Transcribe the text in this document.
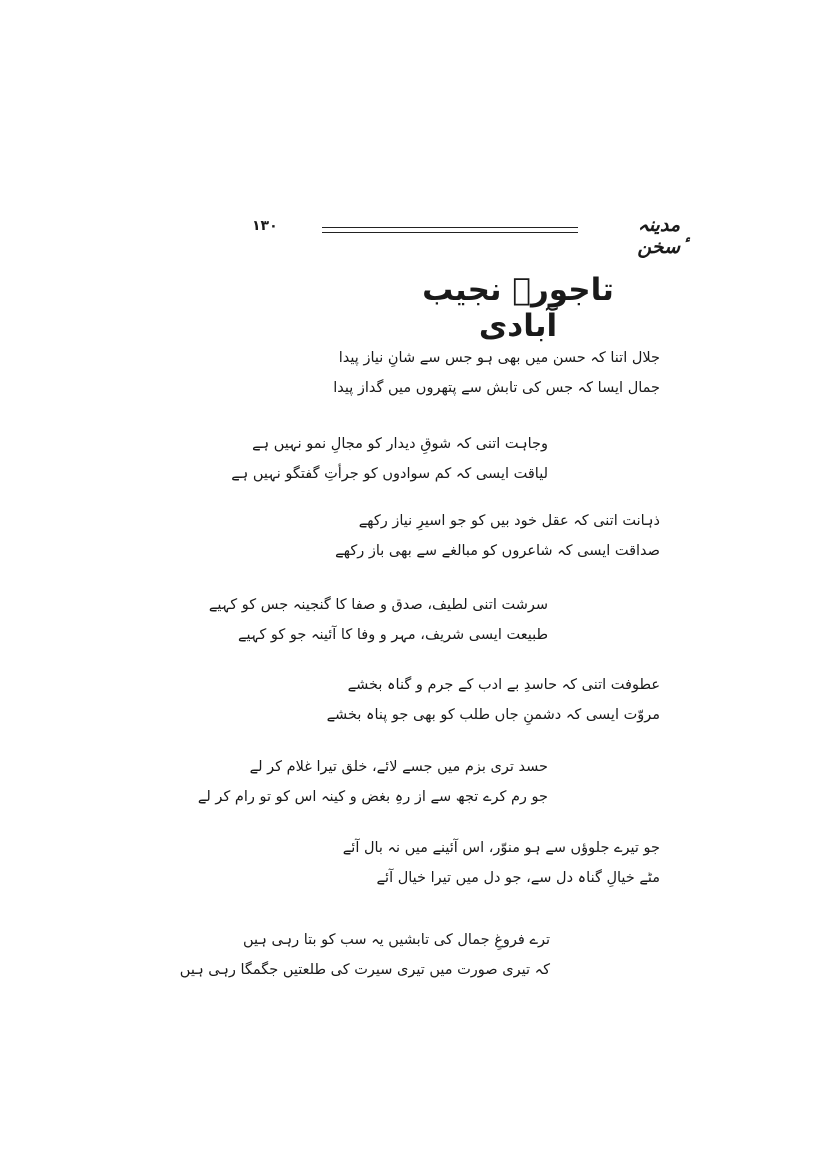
مدینہ ٔسخن
۱۳۰
تاجورؔ نجیب آبادی
جلال اتنا کہ حسن میں بھی ہو جس سے شانِ نیاز پیدا
جمال ایسا کہ جس کی تابش سے پتھروں میں گداز پیدا
وجاہت اتنی کہ شوقِ دیدار کو مجالِ نمو نہیں ہے
لیاقت ایسی کہ کم سوادوں کو جرأتِ گفتگو نہیں ہے
ذہانت اتنی کہ عقل خود بیں کو جو اسیرِ نیاز رکھے
صداقت ایسی کہ شاعروں کو مبالغے سے بھی باز رکھے
سرشت اتنی لطیف، صدق و صفا کا گنجینہ جس کو کہیے
طبیعت ایسی شریف، مہر و وفا کا آئینہ جو کو کہیے
عطوفت اتنی کہ حاسدِ بے ادب کے جرم و گناہ بخشے
مروّت ایسی کہ دشمنِ جاں طلب کو بھی جو پناہ بخشے
حسد تری بزم میں جسے لائے، خلق تیرا غلام کر لے
جو رم کرے تجھ سے از رہِ بغض و کینہ اس کو تو رام کر لے
جو تیرے جلوؤں سے ہو منوّر، اس آئینے میں نہ بال آئے
مٹے خیالِ گناہ دل سے، جو دل میں تیرا خیال آئے
ترے فروغِ جمال کی تابشیں یہ سب کو بتا رہی ہیں
کہ تیری صورت میں تیری سیرت کی طلعتیں جگمگا رہی ہیں
